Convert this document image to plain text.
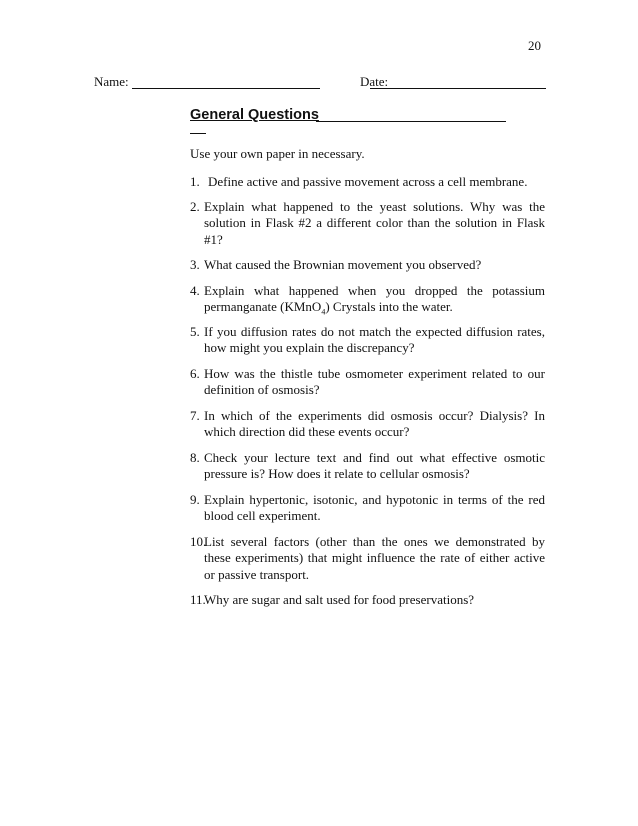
20
Name:	Date:
General Questions

Use your own paper in necessary.

1. Define active and passive movement across a cell membrane.
2. Explain what happened to the yeast solutions. Why was the solution in Flask #2 a different color than the solution in Flask #1?
3. What caused the Brownian movement you observed?
4. Explain what happened when you dropped the potassium permanganate (KMnO$_4$) Crystals into the water.
5. If you diffusion rates do not match the expected diffusion rates, how might you explain the discrepancy?
6. How was the thistle tube osmometer experiment related to our definition of osmosis?
7. In which of the experiments did osmosis occur? Dialysis? In which direction did these events occur?
8. Check your lecture text and find out what effective osmotic pressure is? How does it relate to cellular osmosis?
9. Explain hypertonic, isotonic, and hypotonic in terms of the red blood cell experiment.
10.
List several factors (other than the ones we demonstrated by these experiments) that might influence the rate of either active or passive transport.
11.
Why are sugar and salt used for food preservations?
